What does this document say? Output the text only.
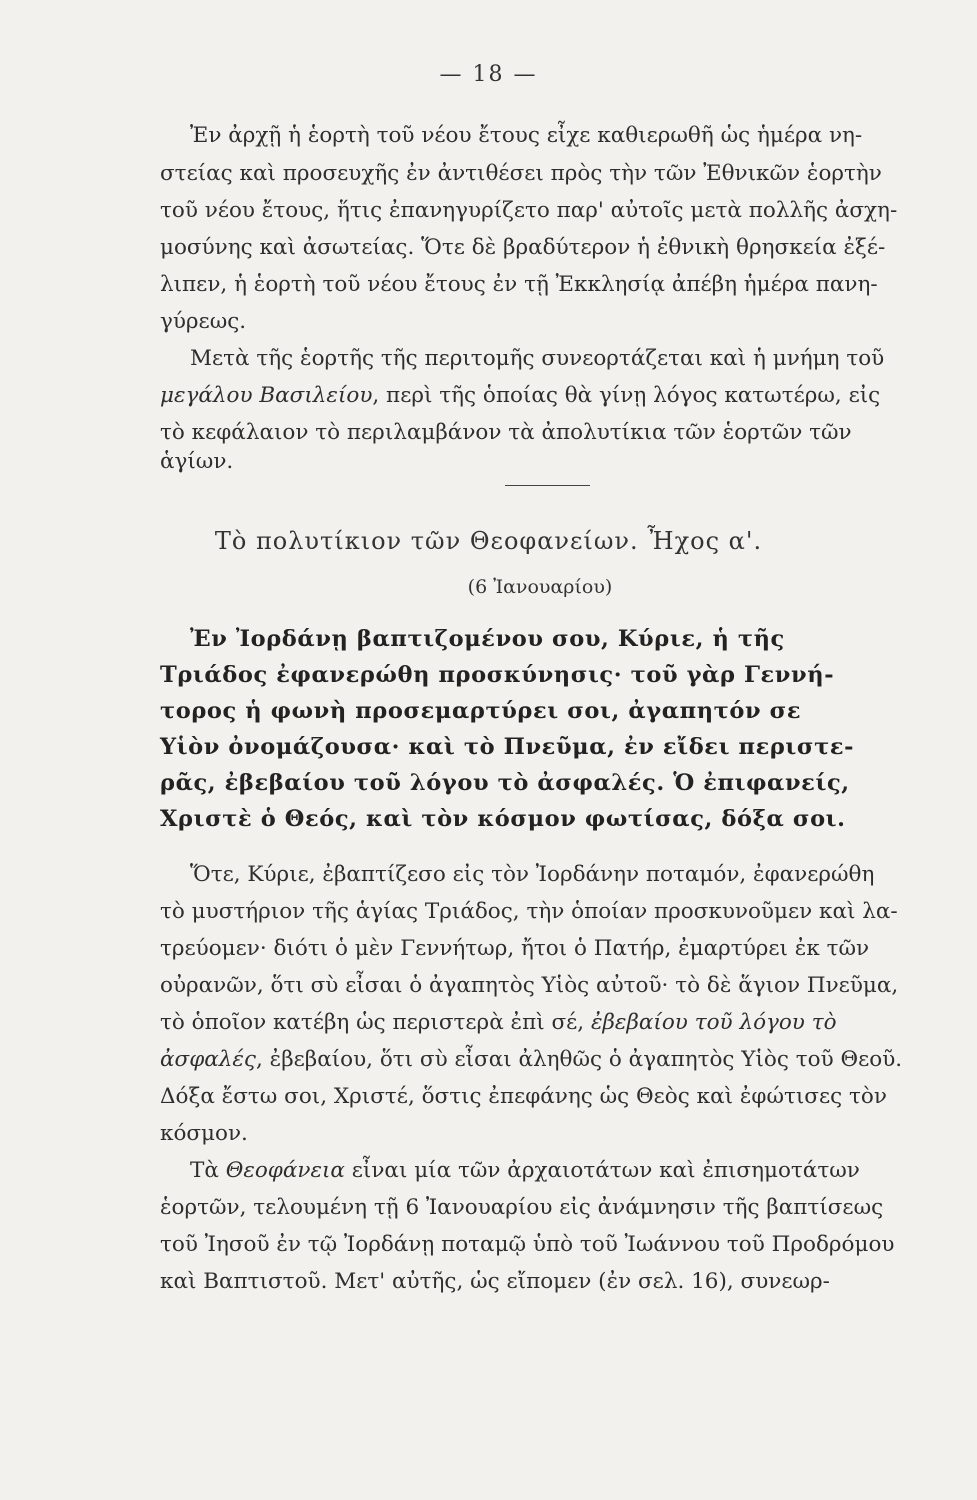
— 18 —
Ἐν ἀρχῇ ἡ ἑορτὴ τοῦ νέου ἔτους εἶχε καθιερωθῆ ὡς ἡμέρα νη-
στείας καὶ προσευχῆς ἐν ἀντιθέσει πρὸς τὴν τῶν Ἐθνικῶν ἑορτὴν
τοῦ νέου ἔτους, ἥτις ἐπανηγυρίζετο παρ' αὐτοῖς μετὰ πολλῆς ἀσχη-
μοσύνης καὶ ἀσωτείας. Ὅτε δὲ βραδύτερον ἡ ἐθνικὴ θρησκεία ἐξέ-
λιπεν, ἡ ἑορτὴ τοῦ νέου ἔτους ἐν τῇ Ἐκκλησίᾳ ἀπέβη ἡμέρα πανη-
γύρεως.
Μετὰ τῆς ἑορτῆς τῆς περιτομῆς συνεορτάζεται καὶ ἡ μνήμη τοῦ
μεγάλου Βασιλείου, περὶ τῆς ὁποίας θὰ γίνῃ λόγος κατωτέρω, εἰς
τὸ κεφάλαιον τὸ περιλαμβάνον τὰ ἀπολυτίκια τῶν ἑορτῶν τῶν
ἁγίων.
Τὸ πολυτίκιον τῶν Θεοφανείων. Ἦχος α'.
(6 Ἰανουαρίου)
Ἐν Ἰορδάνῃ βαπτιζομένου σου, Κύριε, ἡ τῆς
Τριάδος ἐφανερώθη προσκύνησις· τοῦ γὰρ Γεννή-
τορος ἡ φωνὴ προσεμαρτύρει σοι, ἀγαπητόν σε
Υἱὸν ὀνομάζουσα· καὶ τὸ Πνεῦμα, ἐν εἴδει περιστε-
ρᾶς, ἐβεβαίου τοῦ λόγου τὸ ἀσφαλές. Ὁ ἐπιφανείς,
Χριστὲ ὁ Θεός, καὶ τὸν κόσμον φωτίσας, δόξα σοι.
Ὅτε, Κύριε, ἐβαπτίζεσο εἰς τὸν Ἰορδάνην ποταμόν, ἐφανερώθη
τὸ μυστήριον τῆς ἁγίας Τριάδος, τὴν ὁποίαν προσκυνοῦμεν καὶ λα-
τρεύομεν· διότι ὁ μὲν Γεννήτωρ, ἤτοι ὁ Πατήρ, ἐμαρτύρει ἐκ τῶν
οὐρανῶν, ὅτι σὺ εἶσαι ὁ ἀγαπητὸς Υἱὸς αὐτοῦ· τὸ δὲ ἅγιον Πνεῦμα,
τὸ ὁποῖον κατέβη ὡς περιστερὰ ἐπὶ σέ, ἐβεβαίου τοῦ λόγου τὸ
ἀσφαλές, ἐβεβαίου, ὅτι σὺ εἶσαι ἀληθῶς ὁ ἀγαπητὸς Υἱὸς τοῦ Θεοῦ.
Δόξα ἔστω σοι, Χριστέ, ὅστις ἐπεφάνης ὡς Θεὸς καὶ ἐφώτισες τὸν
κόσμον.
Τὰ Θεοφάνεια εἶναι μία τῶν ἀρχαιοτάτων καὶ ἐπισημοτάτων
ἑορτῶν, τελουμένη τῇ 6 Ἰανουαρίου εἰς ἀνάμνησιν τῆς βαπτίσεως
τοῦ Ἰησοῦ ἐν τῷ Ἰορδάνῃ ποταμῷ ὑπὸ τοῦ Ἰωάννου τοῦ Προδρόμου
καὶ Βαπτιστοῦ. Μετ' αὐτῆς, ὡς εἴπομεν (ἐν σελ. 16), συνεωρ-
